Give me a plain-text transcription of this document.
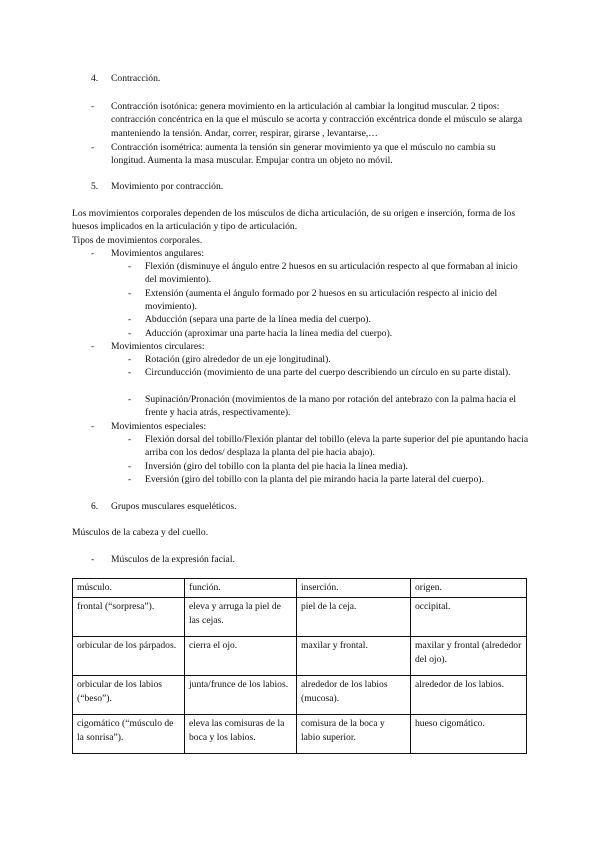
4. Contracción.
- Contracción isotónica: genera movimiento en la articulación al cambiar la longitud muscular. 2 tipos: contracción concéntrica en la que el músculo se acorta y contracción excéntrica donde el músculo se alarga manteniendo la tensión. Andar, correr, respirar, girarse , levantarse,…
- Contracción isométrica: aumenta la tensión sin generar movimiento ya que el músculo no cambia su longitud. Aumenta la masa muscular. Empujar contra un objeto no móvil.
5. Movimiento por contracción.
Los movimientos corporales dependen de los músculos de dicha articulación, de su origen e inserción, forma de los huesos implicados en la articulación y tipo de articulación.
Tipos de movimientos corporales.
- Movimientos angulares:
- Flexión (disminuye el ángulo entre 2 huesos en su articulación respecto al que formaban al inicio del movimiento).
- Extensión (aumenta el ángulo formado por 2 huesos en su articulación respecto al inicio del movimiento).
- Abducción (separa una parte de la línea media del cuerpo).
- Aducción (aproximar una parte hacia la línea media del cuerpo).
- Movimientos circulares:
- Rotación (giro alrededor de un eje longitudinal).
- Circunducción (movimiento de una parte del cuerpo describiendo un círculo en su parte distal).
- Supinación/Pronación (movimientos de la mano por rotación del antebrazo con la palma hacia el frente y hacia atrás, respectivamente).
- Movimientos especiales:
- Flexión dorsal del tobillo/Flexión plantar del tobillo (eleva la parte superior del pie apuntando hacia arriba con los dedos/ desplaza la planta del pie hacia abajo).
- Inversión (giro del tobillo con la planta del pie hacia la línea media).
- Eversión (giro del tobillo con la planta del pie mirando hacia la parte lateral del cuerpo).
6. Grupos musculares esqueléticos.
Músculos de la cabeza y del cuello.
- Músculos de la expresión facial.
músculo.	función.	inserción.	origen.
frontal (“sorpresa”).	eleva y arruga la piel de las cejas.	piel de la ceja.	occipital.
orbicular de los párpados.	cierra el ojo.	maxilar y frontal.	maxilar y frontal (alrededor del ojo).
orbicular de los labios (“beso”).	junta/frunce de los labios.	alrededor de los labios (mucosa).	alrededor de los labios.
cigomático (“músculo de la sonrisa”).	eleva las comisuras de la boca y los labios.	comisura de la boca y labio superior.	hueso cigomático.
